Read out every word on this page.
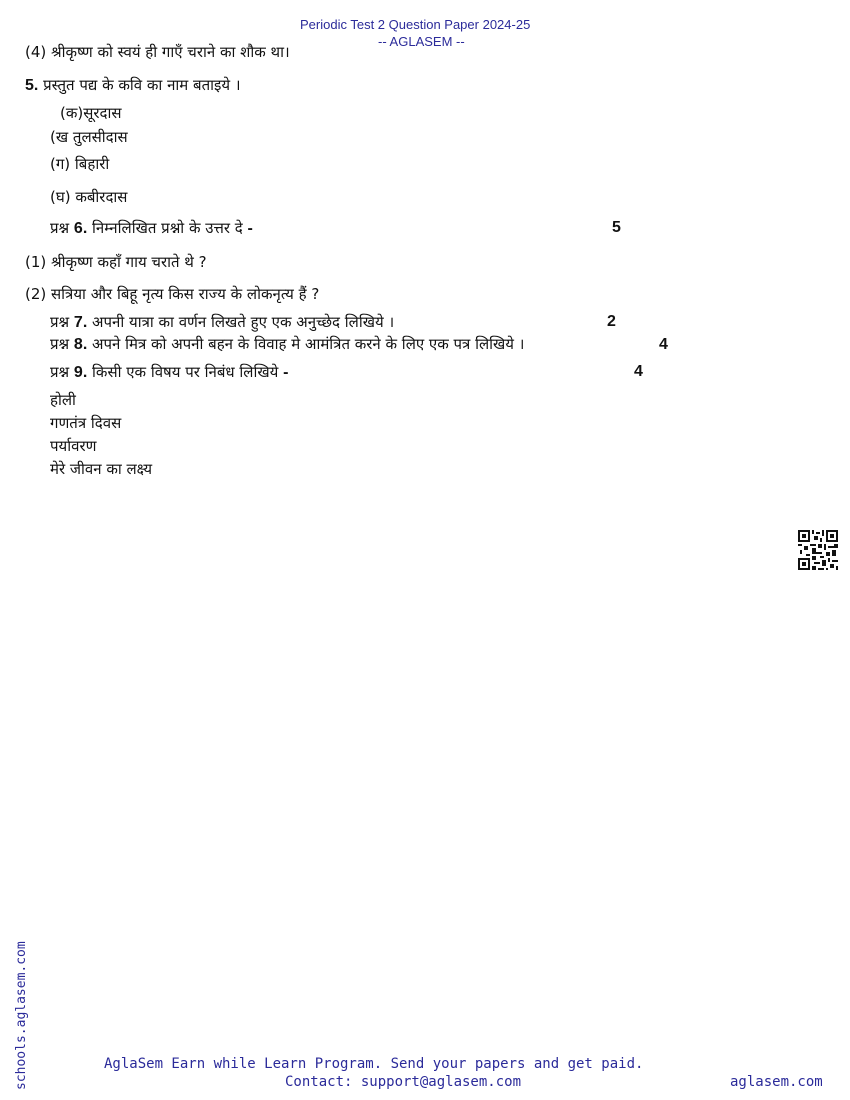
Periodic Test 2 Question Paper 2024-25
-- AGLASEM --
(4) श्रीकृष्ण को स्वयं ही गाएँ चराने का शौक था।
5. प्रस्तुत पद्य के कवि का नाम बताइये ।
(क)सूरदास
(ख तुलसीदास
(ग) बिहारी
(घ) कबीरदास
प्रश्न 6. निम्नलिखित प्रश्नो के उत्तर दे -	5
(1) श्रीकृष्ण कहाँ गाय चराते थे ?
(2) सत्रिया और बिहू नृत्य किस राज्य के लोकनृत्य हैं ?
प्रश्न 7. अपनी यात्रा का वर्णन लिखते हुए एक अनुच्छेद लिखिये ।	2
प्रश्न 8. अपने मित्र को अपनी बहन के विवाह मे आमंत्रित करने के लिए एक पत्र लिखिये ।	4
प्रश्न 9. किसी एक विषय पर निबंध लिखिये -	4
होली
गणतंत्र दिवस
पर्यावरण
मेरे जीवन का लक्ष्य
schools.aglasem.com	AglaSem Earn while Learn Program. Send your papers and get paid.
Contact: support@aglasem.com	aglasem.com
